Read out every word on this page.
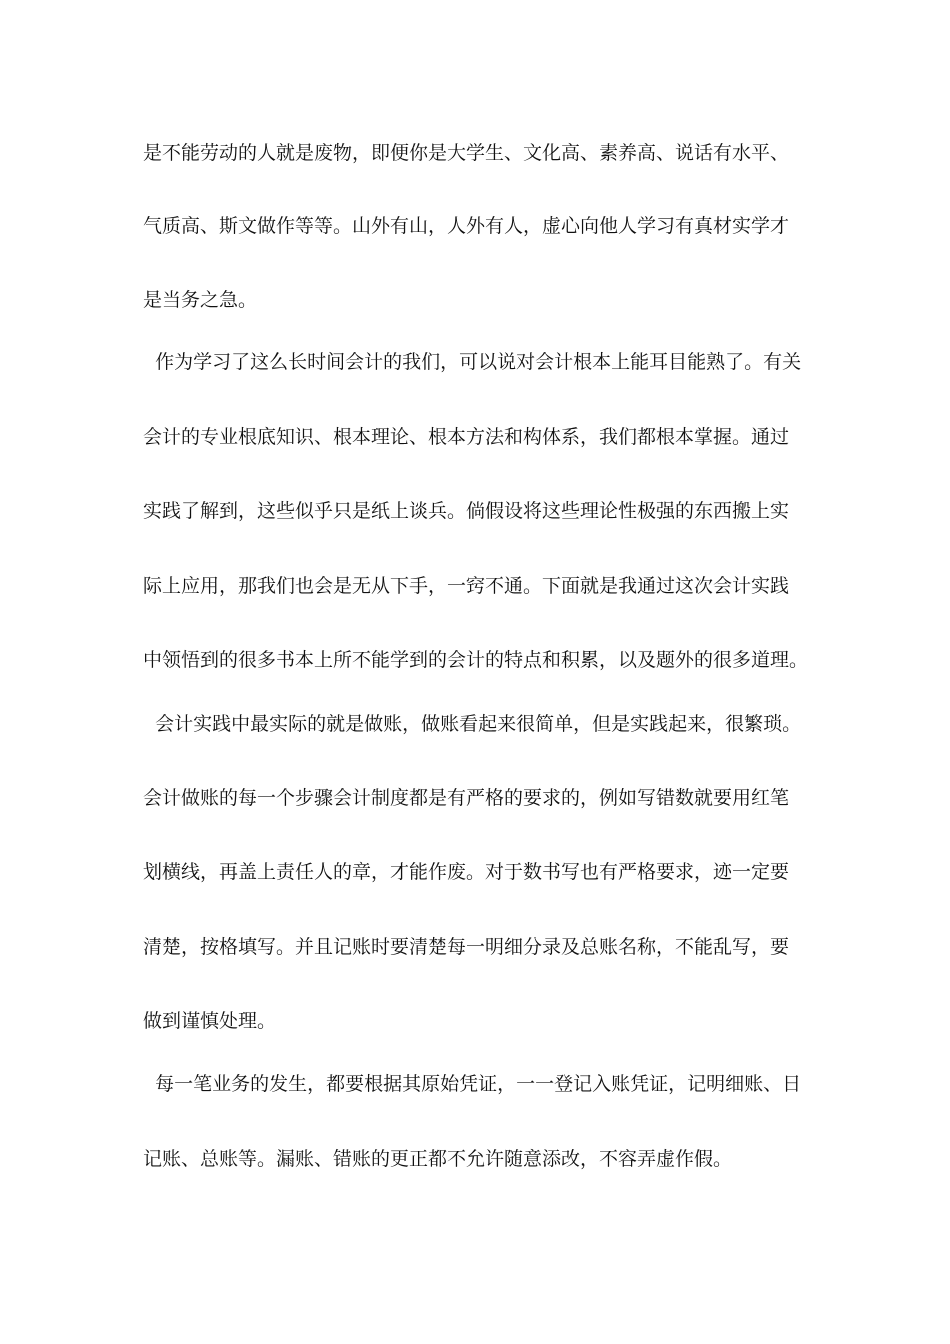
是不能劳动的人就是废物，即便你是大学生、文化高、素养高、说话有水平、
气质高、斯文做作等等。山外有山，人外有人，虚心向他人学习有真材实学才
是当务之急。
作为学习了这么长时间会计的我们，可以说对会计根本上能耳目能熟了。有关
会计的专业根底知识、根本理论、根本方法和构体系，我们都根本掌握。通过
实践了解到，这些似乎只是纸上谈兵。倘假设将这些理论性极强的东西搬上实
际上应用，那我们也会是无从下手，一窍不通。下面就是我通过这次会计实践
中领悟到的很多书本上所不能学到的会计的特点和积累，以及题外的很多道理。
会计实践中最实际的就是做账，做账看起来很简单，但是实践起来，很繁琐。
会计做账的每一个步骤会计制度都是有严格的要求的，例如写错数就要用红笔
划横线，再盖上责任人的章，才能作废。对于数书写也有严格要求，迹一定要
清楚，按格填写。并且记账时要清楚每一明细分录及总账名称，不能乱写，要
做到谨慎处理。
每一笔业务的发生，都要根据其原始凭证，一一登记入账凭证，记明细账、日
记账、总账等。漏账、错账的更正都不允许随意添改，不容弄虚作假。
